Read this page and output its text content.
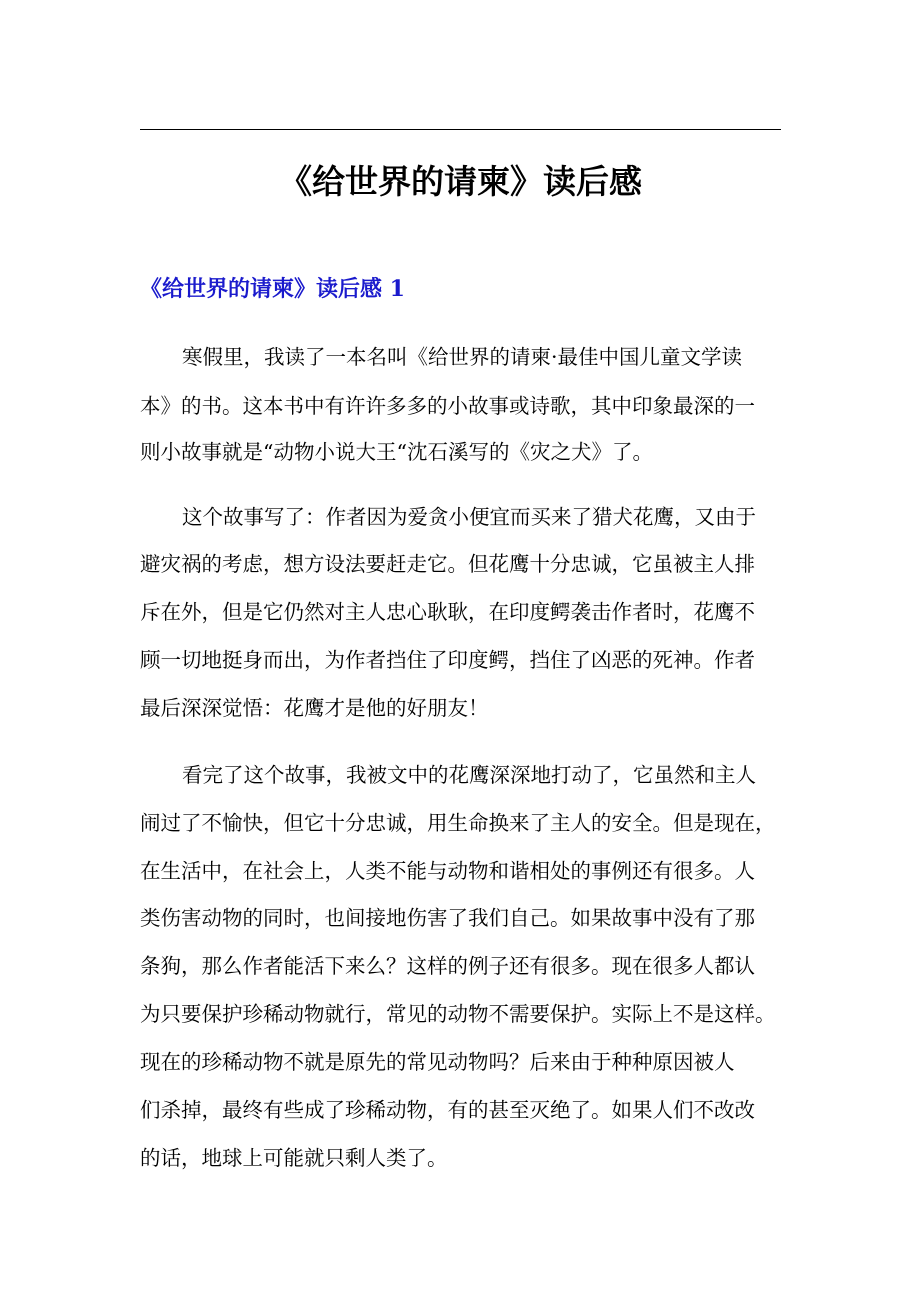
《给世界的请柬》读后感
《给世界的请柬》读后感 1
寒假里，我读了一本名叫《给世界的请柬·最佳中国儿童文学读
本》的书。这本书中有许许多多的小故事或诗歌，其中印象最深的一
则小故事就是“动物小说大王“沈石溪写的《灾之犬》了。
这个故事写了：作者因为爱贪小便宜而买来了猎犬花鹰，又由于
避灾祸的考虑，想方设法要赶走它。但花鹰十分忠诚，它虽被主人排
斥在外，但是它仍然对主人忠心耿耿，在印度鳄袭击作者时，花鹰不
顾一切地挺身而出，为作者挡住了印度鳄，挡住了凶恶的死神。作者
最后深深觉悟：花鹰才是他的好朋友！
看完了这个故事，我被文中的花鹰深深地打动了，它虽然和主人
闹过了不愉快，但它十分忠诚，用生命换来了主人的安全。但是现在，
在生活中，在社会上，人类不能与动物和谐相处的事例还有很多。人
类伤害动物的同时，也间接地伤害了我们自己。如果故事中没有了那
条狗，那么作者能活下来么？这样的例子还有很多。现在很多人都认
为只要保护珍稀动物就行，常见的动物不需要保护。实际上不是这样。
现在的珍稀动物不就是原先的常见动物吗？后来由于种种原因被人
们杀掉，最终有些成了珍稀动物，有的甚至灭绝了。如果人们不改改
的话，地球上可能就只剩人类了。
